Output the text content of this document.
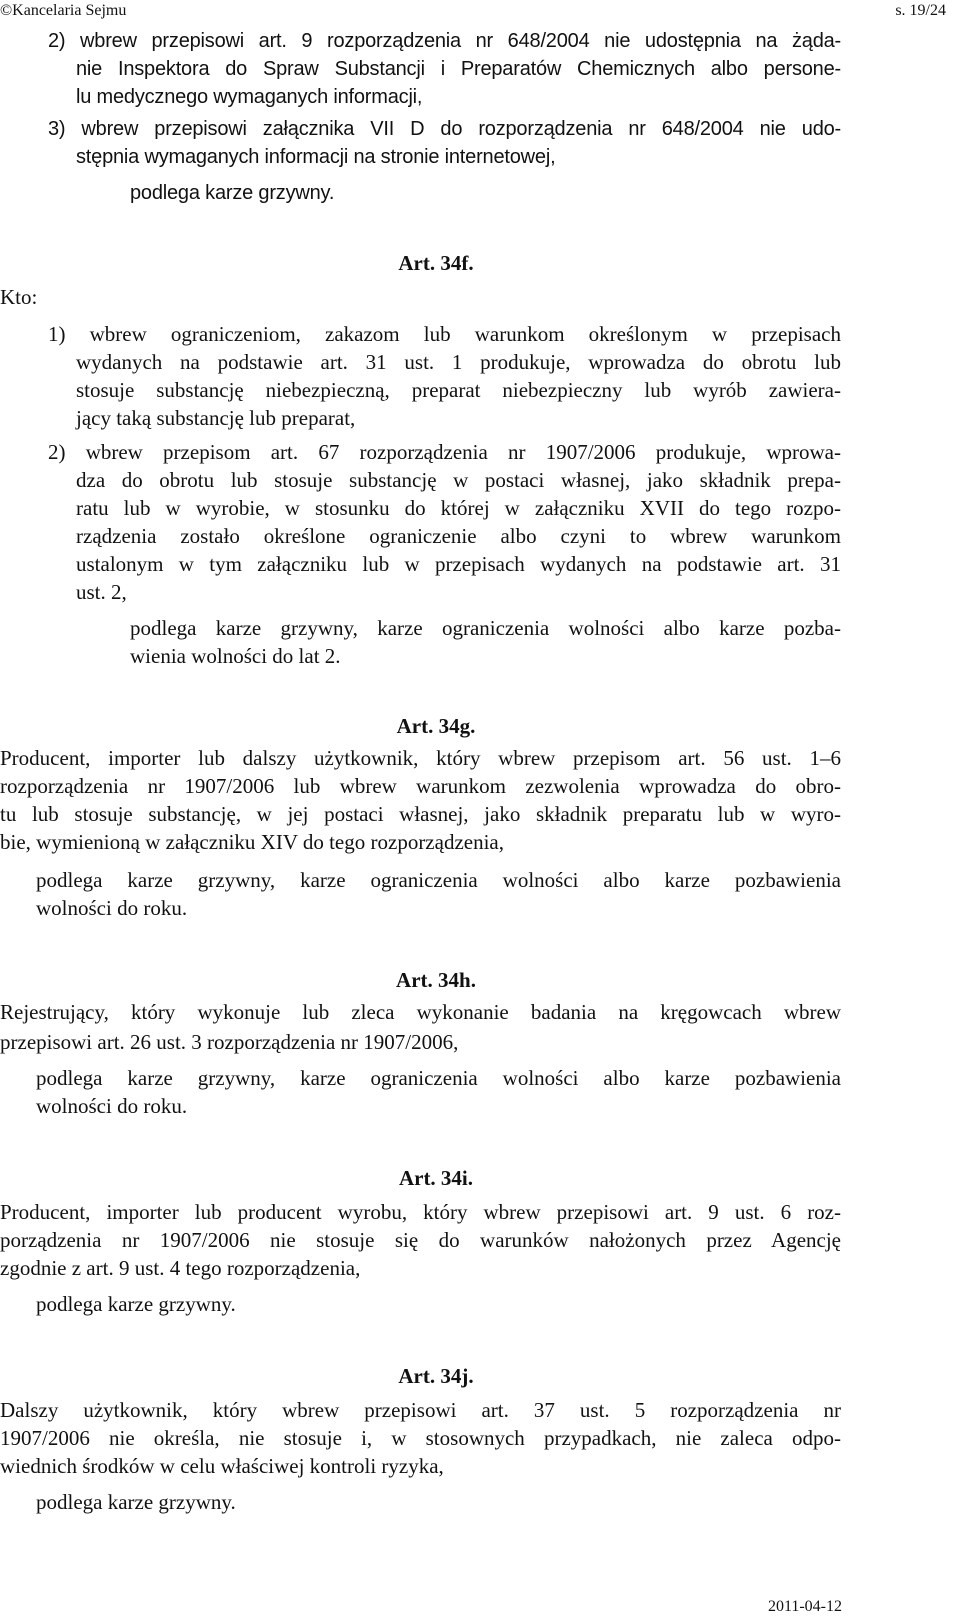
©Kancelaria Sejmu	s. 19/24
2) wbrew przepisowi art. 9 rozporządzenia nr 648/2004 nie udostępnia na żąda-
nie Inspektora do Spraw Substancji i Preparatów Chemicznych albo persone-
lu medycznego wymaganych informacji,
3) wbrew przepisowi załącznika VII D do rozporządzenia nr 648/2004 nie udo-
stępnia wymaganych informacji na stronie internetowej,
podlega karze grzywny.
Art. 34f.
Kto:
1) wbrew ograniczeniom, zakazom lub warunkom określonym w przepisach
wydanych na podstawie art. 31 ust. 1 produkuje, wprowadza do obrotu lub
stosuje substancję niebezpieczną, preparat niebezpieczny lub wyrób zawiera-
jący taką substancję lub preparat,
2) wbrew przepisom art. 67 rozporządzenia nr 1907/2006 produkuje, wprowa-
dza do obrotu lub stosuje substancję w postaci własnej, jako składnik prepa-
ratu lub w wyrobie, w stosunku do której w załączniku XVII do tego rozpo-
rządzenia zostało określone ograniczenie albo czyni to wbrew warunkom
ustalonym w tym załączniku lub w przepisach wydanych na podstawie art. 31
ust. 2,
podlega karze grzywny, karze ograniczenia wolności albo karze pozba-
wienia wolności do lat 2.
Art. 34g.
Producent, importer lub dalszy użytkownik, który wbrew przepisom art. 56 ust. 1–6
rozporządzenia nr 1907/2006 lub wbrew warunkom zezwolenia wprowadza do obro-
tu lub stosuje substancję, w jej postaci własnej, jako składnik preparatu lub w wyro-
bie, wymienioną w załączniku XIV do tego rozporządzenia,
podlega karze grzywny, karze ograniczenia wolności albo karze pozbawienia
wolności do roku.
Art. 34h.
Rejestrujący, który wykonuje lub zleca wykonanie badania na kręgowcach wbrew
przepisowi art. 26 ust. 3 rozporządzenia nr 1907/2006,
podlega karze grzywny, karze ograniczenia wolności albo karze pozbawienia
wolności do roku.
Art. 34i.
Producent, importer lub producent wyrobu, który wbrew przepisowi art. 9 ust. 6 roz-
porządzenia nr 1907/2006 nie stosuje się do warunków nałożonych przez Agencję
zgodnie z art. 9 ust. 4 tego rozporządzenia,
podlega karze grzywny.
Art. 34j.
Dalszy użytkownik, który wbrew przepisowi art. 37 ust. 5 rozporządzenia nr
1907/2006 nie określa, nie stosuje i, w stosownych przypadkach, nie zaleca odpo-
wiednich środków w celu właściwej kontroli ryzyka,
podlega karze grzywny.
2011-04-12
